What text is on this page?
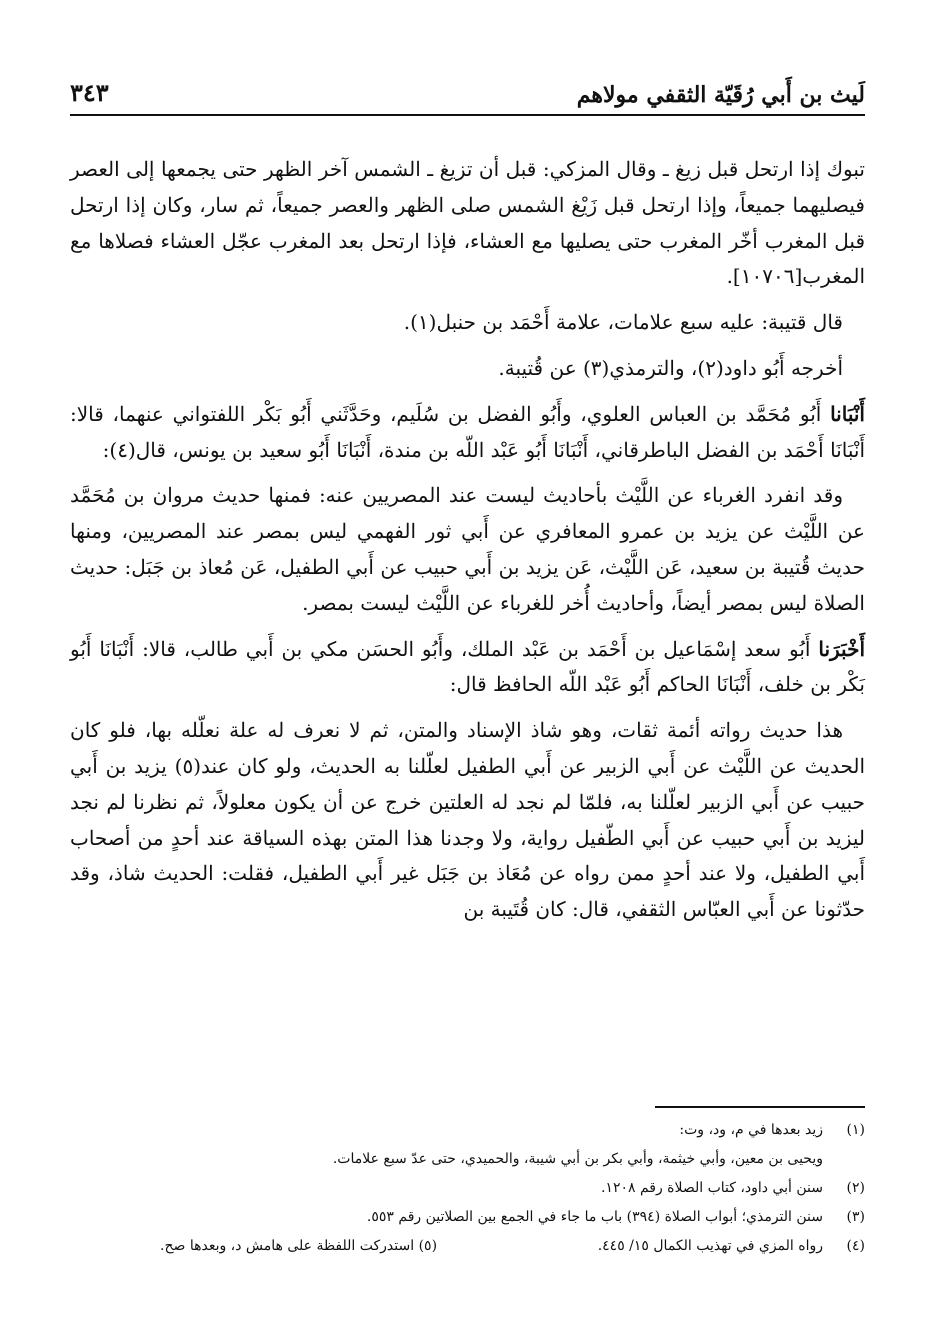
لَيث بن أَبي رُقَيّة الثقفي مولاهم
٣٤٣

تبوك إذا ارتحل قبل زيغ ـ وقال المزكي: قبل أن تزيغ ـ الشمس آخر الظهر حتى يجمعها إلى العصر فيصليهما جميعاً، وإذا ارتحل قبل زَيْغ الشمس صلى الظهر والعصر جميعاً، ثم سار، وكان إذا ارتحل قبل المغرب أخّر المغرب حتى يصليها مع العشاء، فإذا ارتحل بعد المغرب عجّل العشاء فصلاها مع المغرب[١٠٧٠٦].

قال قتيبة: عليه سبع علامات، علامة أَحْمَد بن حنبل(١).

أخرجه أَبُو داود(٢)، والترمذي(٣) عن قُتيبة.

أَنْبَانا أَبُو مُحَمَّد بن العباس العلوي، وأَبُو الفضل بن سُلَيم، وحَدَّثَني أَبُو بَكْر اللفتواني عنهما، قالا: أَنْبَانَا أَحْمَد بن الفضل الباطرقاني، أَنْبَانَا أَبُو عَبْد اللّه بن مندة، أَنْبَانَا أَبُو سعيد بن يونس، قال(٤):

وقد انفرد الغرباء عن اللَّيْث بأحاديث ليست عند المصريين عنه: فمنها حديث مروان بن مُحَمَّد عن اللَّيْث عن يزيد بن عمرو المعافري عن أَبي ثور الفهمي ليس بمصر عند المصريين، ومنها حديث قُتيبة بن سعيد، عَن اللَّيْث، عَن يزيد بن أَبي حبيب عن أَبي الطفيل، عَن مُعاذ بن جَبَل: حديث الصلاة ليس بمصر أيضاً، وأحاديث أُخر للغرباء عن اللَّيْث ليست بمصر.

أَخْبَرَنا أَبُو سعد إسْمَاعيل بن أَحْمَد بن عَبْد الملك، وأَبُو الحسَن مكي بن أَبي طالب، قالا: أَنْبَانَا أَبُو بَكْر بن خلف، أَنْبَانَا الحاكم أَبُو عَبْد اللّه الحافظ قال:

هذا حديث رواته أئمة ثقات، وهو شاذ الإسناد والمتن، ثم لا نعرف له علة نعلّله بها، فلو كان الحديث عن اللَّيْث عن أَبي الزبير عن أَبي الطفيل لعلّلنا به الحديث، ولو كان عند(٥) يزيد بن أَبي حبيب عن أَبي الزبير لعلّلنا به، فلمّا لم نجد له العلتين خرج عن أن يكون معلولاً، ثم نظرنا لم نجد ليزيد بن أَبي حبيب عن أَبي الطّفيل رواية، ولا وجدنا هذا المتن بهذه السياقة عند أحدٍ من أصحاب أَبي الطفيل، ولا عند أحدٍ ممن رواه عن مُعَاذ بن جَبَل غير أَبي الطفيل، فقلت: الحديث شاذ، وقد حدّثونا عن أَبي العبّاس الثقفي، قال: كان قُتَيبة بن

(١)
زيد بعدها في م، ود، وت:
ويحيى بن معين، وأبي خيثمة، وأبي بكر بن أبي شيبة، والحميدي، حتى عدّ سبع علامات.
(٢)
سنن أبي داود، كتاب الصلاة رقم ١٢٠٨.
(٣)
سنن الترمذي؛ أبواب الصلاة (٣٩٤) باب ما جاء في الجمع بين الصلاتين رقم ٥٥٣.
(٤)
رواه المزي في تهذيب الكمال ١٥/ ٤٤٥.
(٥) استدركت اللفظة على هامش د، وبعدها صح.
